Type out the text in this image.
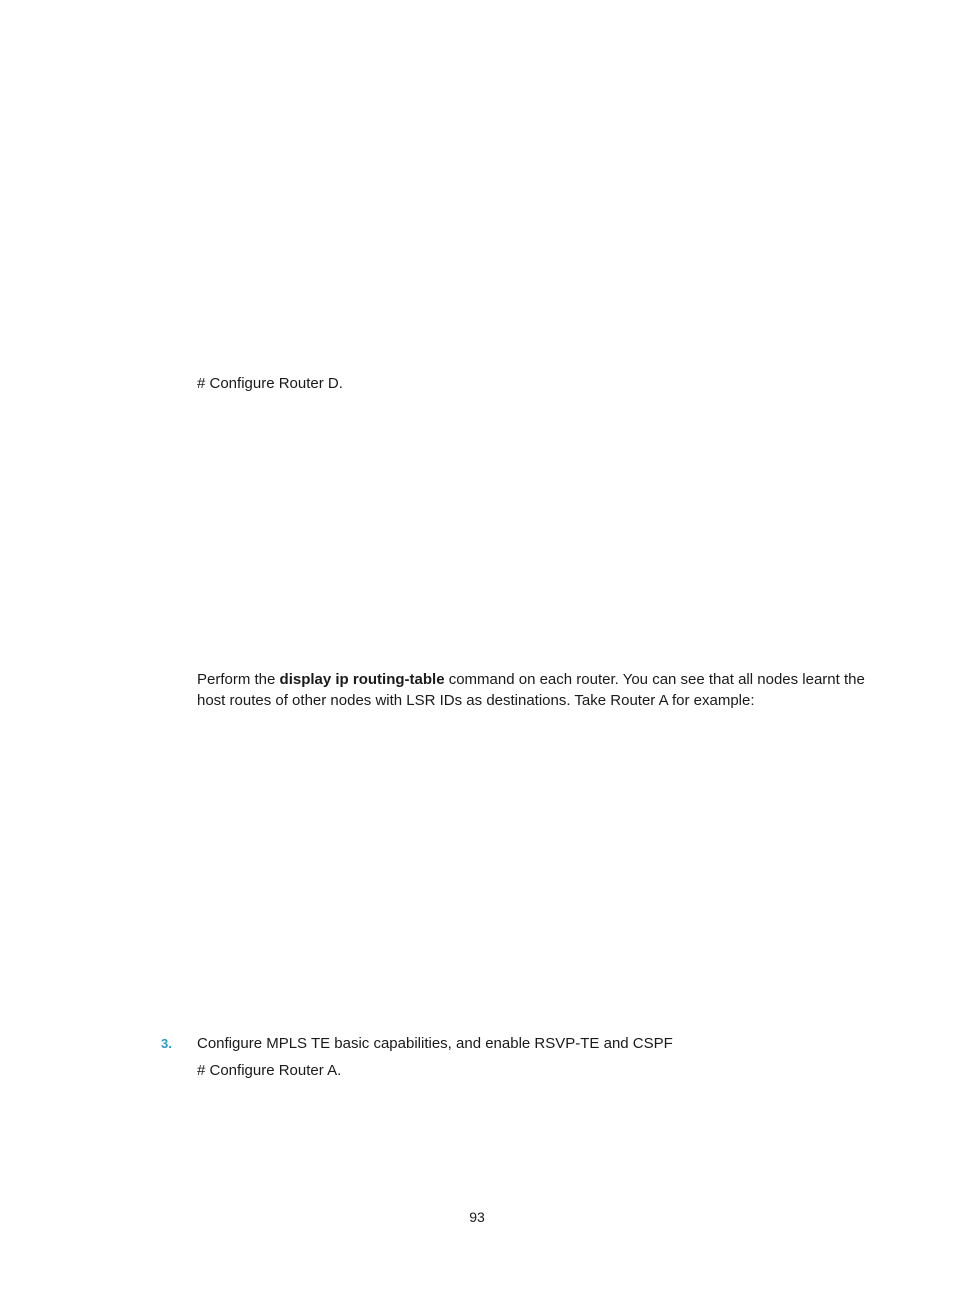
# Configure Router D.
Perform the display ip routing-table command on each router. You can see that all nodes learnt the host routes of other nodes with LSR IDs as destinations. Take Router A for example:
3. Configure MPLS TE basic capabilities, and enable RSVP-TE and CSPF
# Configure Router A.
93
